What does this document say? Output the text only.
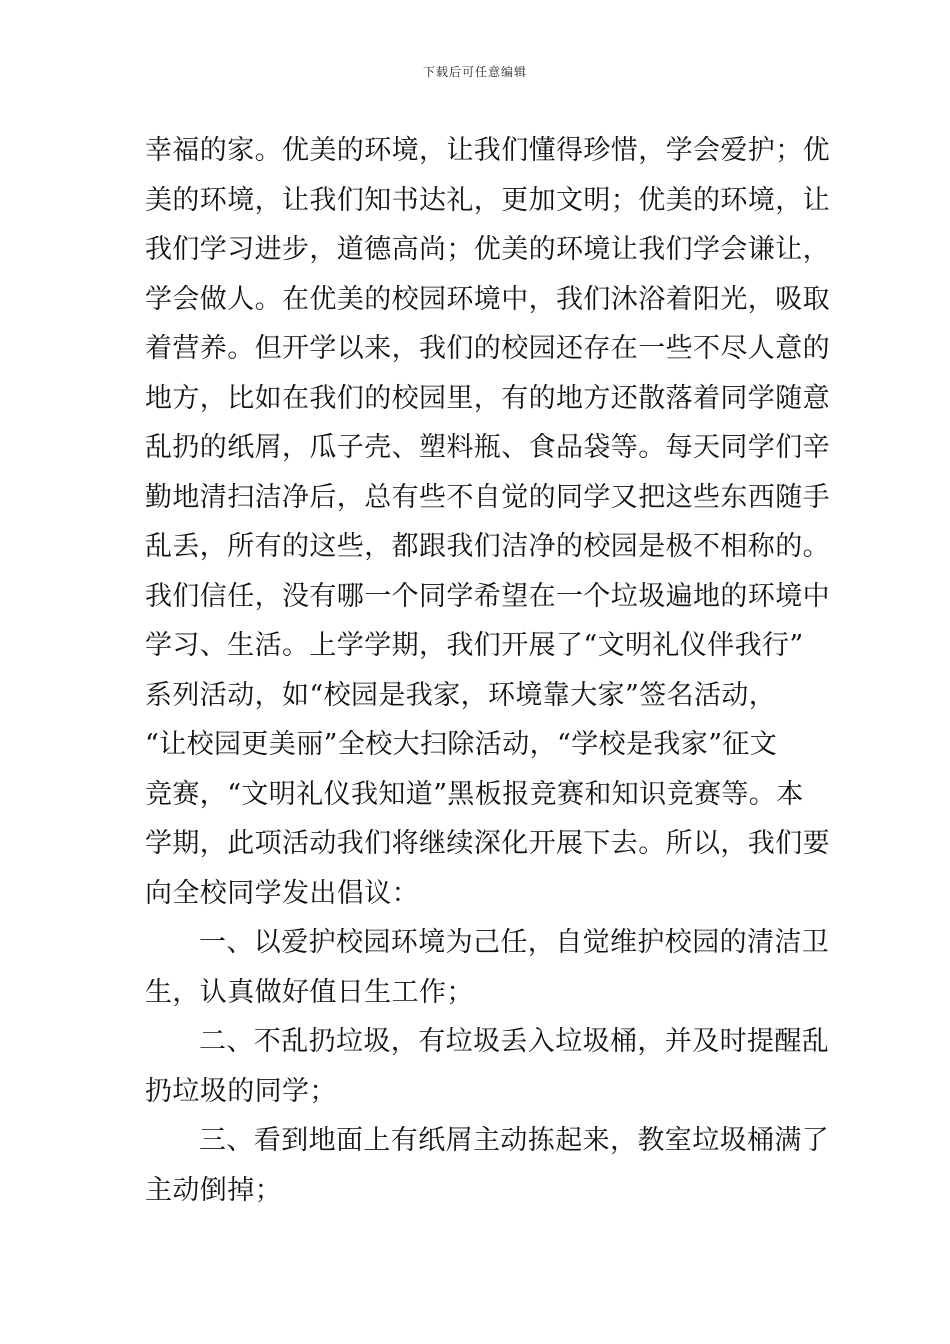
下载后可任意编辑
幸福的家。优美的环境，让我们懂得珍惜，学会爱护；优
美的环境，让我们知书达礼，更加文明；优美的环境，让
我们学习进步，道德高尚；优美的环境让我们学会谦让，
学会做人。在优美的校园环境中，我们沐浴着阳光，吸取
着营养。但开学以来，我们的校园还存在一些不尽人意的
地方，比如在我们的校园里，有的地方还散落着同学随意
乱扔的纸屑，瓜子壳、塑料瓶、食品袋等。每天同学们辛
勤地清扫洁净后，总有些不自觉的同学又把这些东西随手
乱丢，所有的这些，都跟我们洁净的校园是极不相称的。
我们信任，没有哪一个同学希望在一个垃圾遍地的环境中
学习、生活。上学学期，我们开展了“文明礼仪伴我行”
系列活动，如“校园是我家，环境靠大家”签名活动，
“让校园更美丽”全校大扫除活动，“学校是我家”征文
竞赛，“文明礼仪我知道”黑板报竞赛和知识竞赛等。本
学期，此项活动我们将继续深化开展下去。所以，我们要
向全校同学发出倡议：
一、以爱护校园环境为己任，自觉维护校园的清洁卫
生，认真做好值日生工作；
二、不乱扔垃圾，有垃圾丢入垃圾桶，并及时提醒乱
扔垃圾的同学；
三、看到地面上有纸屑主动拣起来，教室垃圾桶满了
主动倒掉；
